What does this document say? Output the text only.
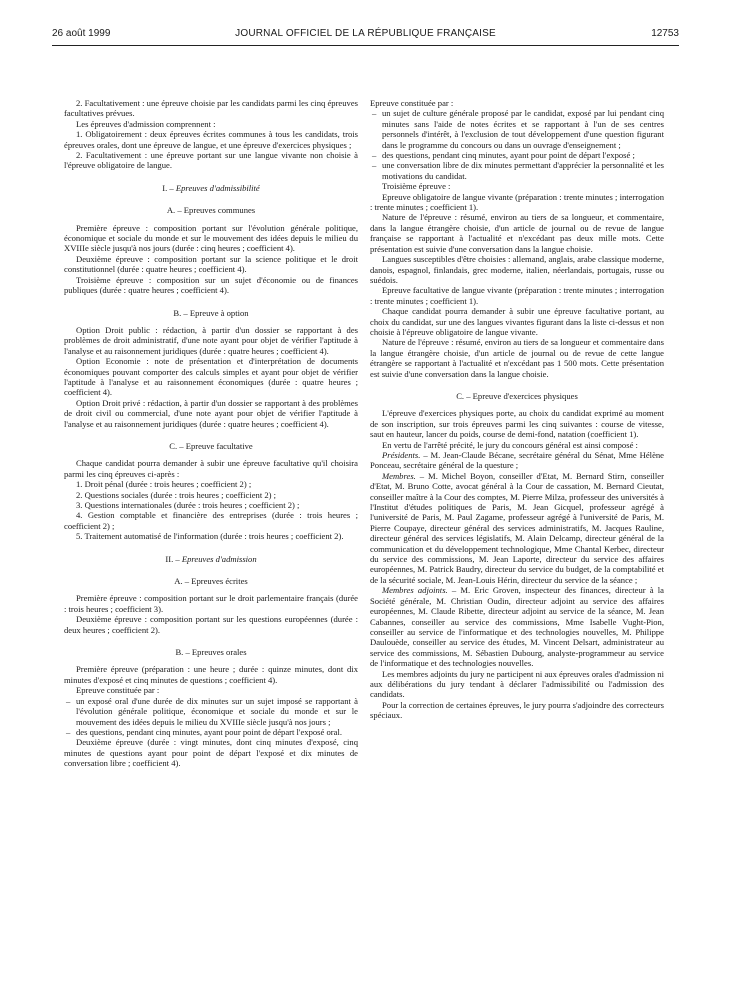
26 août 1999	JOURNAL OFFICIEL DE LA RÉPUBLIQUE FRANÇAISE	12753

2. Facultativement : une épreuve choisie par les candidats parmi les cinq épreuves facultatives prévues.

Les épreuves d'admission comprennent :

1. Obligatoirement : deux épreuves écrites communes à tous les candidats, trois épreuves orales, dont une épreuve de langue, et une épreuve d'exercices physiques ;

2. Facultativement : une épreuve portant sur une langue vivante non choisie à l'épreuve obligatoire de langue.

I. – Epreuves d'admissibilité
A. – Epreuves communes

Première épreuve : composition portant sur l'évolution générale politique, économique et sociale du monde et sur le mouvement des idées depuis le milieu du XVIIIe siècle jusqu'à nos jours (durée : cinq heures ; coefficient 4).

Deuxième épreuve : composition portant sur la science politique et le droit constitutionnel (durée : quatre heures ; coefficient 4).

Troisième épreuve : composition sur un sujet d'économie ou de finances publiques (durée : quatre heures ; coefficient 4).

B. – Epreuve à option

Option Droit public : rédaction, à partir d'un dossier se rapportant à des problèmes de droit administratif, d'une note ayant pour objet de vérifier l'aptitude à l'analyse et au raisonnement juridiques (durée : quatre heures ; coefficient 4).

Option Economie : note de présentation et d'interprétation de documents économiques pouvant comporter des calculs simples et ayant pour objet de vérifier l'aptitude à l'analyse et au raisonnement économiques (durée : quatre heures ; coefficient 4).

Option Droit privé : rédaction, à partir d'un dossier se rapportant à des problèmes de droit civil ou commercial, d'une note ayant pour objet de vérifier l'aptitude à l'analyse et au raisonnement juridiques (durée : quatre heures ; coefficient 4).

C. – Epreuve facultative

Chaque candidat pourra demander à subir une épreuve facultative qu'il choisira parmi les cinq épreuves ci-après :

1. Droit pénal (durée : trois heures ; coefficient 2) ;
2. Questions sociales (durée : trois heures ; coefficient 2) ;
3. Questions internationales (durée : trois heures ; coefficient 2) ;
4. Gestion comptable et financière des entreprises (durée : trois heures ; coefficient 2) ;
5. Traitement automatisé de l'information (durée : trois heures ; coefficient 2).
II. – Epreuves d'admission
A. – Epreuves écrites

Première épreuve : composition portant sur le droit parlementaire français (durée : trois heures ; coefficient 3).

Deuxième épreuve : composition portant sur les questions européennes (durée : deux heures ; coefficient 2).

B. – Epreuves orales

Première épreuve (préparation : une heure ; durée : quinze minutes, dont dix minutes d'exposé et cinq minutes de questions ; coefficient 4).

Epreuve constituée par :

– un exposé oral d'une durée de dix minutes sur un sujet imposé se rapportant à l'évolution générale politique, économique et sociale du monde et sur le mouvement des idées depuis le milieu du XVIIIe siècle jusqu'à nos jours ;
– des questions, pendant cinq minutes, ayant pour point de départ l'exposé oral.

Deuxième épreuve (durée : vingt minutes, dont cinq minutes d'exposé, cinq minutes de questions ayant pour point de départ l'exposé et dix minutes de conversation libre ; coefficient 4).

Epreuve constituée par :

– un sujet de culture générale proposé par le candidat, exposé par lui pendant cinq minutes sans l'aide de notes écrites et se rapportant à l'un de ses centres personnels d'intérêt, à l'exclusion de tout développement d'une question figurant dans le programme du concours ou dans un ouvrage d'enseignement ;
– des questions, pendant cinq minutes, ayant pour point de départ l'exposé ;
– une conversation libre de dix minutes permettant d'apprécier la personnalité et les motivations du candidat.

Troisième épreuve :

Epreuve obligatoire de langue vivante (préparation : trente minutes ; interrogation : trente minutes ; coefficient 1).

Nature de l'épreuve : résumé, environ au tiers de sa longueur, et commentaire, dans la langue étrangère choisie, d'un article de journal ou de revue de langue française se rapportant à l'actualité et n'excédant pas deux mille mots. Cette présentation est suivie d'une conversation dans la langue choisie.

Langues susceptibles d'être choisies : allemand, anglais, arabe classique moderne, danois, espagnol, finlandais, grec moderne, italien, néerlandais, portugais, russe ou suédois.

Epreuve facultative de langue vivante (préparation : trente minutes ; interrogation : trente minutes ; coefficient 1).

Chaque candidat pourra demander à subir une épreuve facultative portant, au choix du candidat, sur une des langues vivantes figurant dans la liste ci-dessus et non choisie à l'épreuve obligatoire de langue vivante.

Nature de l'épreuve : résumé, environ au tiers de sa longueur et commentaire dans la langue étrangère choisie, d'un article de journal ou de revue de cette langue étrangère se rapportant à l'actualité et n'excédant pas 1 500 mots. Cette présentation est suivie d'une conversation dans la langue choisie.

C. – Epreuve d'exercices physiques

L'épreuve d'exercices physiques porte, au choix du candidat exprimé au moment de son inscription, sur trois épreuves parmi les cinq suivantes : course de vitesse, saut en hauteur, lancer du poids, course de demi-fond, natation (coefficient 1).

En vertu de l'arrêté précité, le jury du concours général est ainsi composé :

Présidents. – M. Jean-Claude Bécane, secrétaire général du Sénat, Mme Hélène Ponceau, secrétaire général de la questure ;

Membres. – M. Michel Boyon, conseiller d'Etat, M. Bernard Stirn, conseiller d'Etat, M. Bruno Cotte, avocat général à la Cour de cassation, M. Bernard Cieutat, conseiller maître à la Cour des comptes, M. Pierre Milza, professeur des universités à l'Institut d'études politiques de Paris, M. Jean Gicquel, professeur agrégé à l'université de Paris, M. Paul Zagame, professeur agrégé à l'université de Paris, M. Pierre Coupaye, directeur général des services administratifs, M. Jacques Rauline, directeur général des services législatifs, M. Alain Delcamp, directeur général de la communication et du développement technologique, Mme Chantal Kerbec, directeur du service des commissions, M. Jean Laporte, directeur du service des affaires européennes, M. Patrick Baudry, directeur du service du budget, de la comptabilité et de la sécurité sociale, M. Jean-Louis Hérin, directeur du service de la séance ;

Membres adjoints. – M. Eric Groven, inspecteur des finances, directeur à la Société générale, M. Christian Oudin, directeur adjoint au service des affaires européennes, M. Claude Ribette, directeur adjoint au service de la séance, M. Jean Cabannes, conseiller au service des commissions, Mme Isabelle Vught-Pion, conseiller au service de l'informatique et des technologies nouvelles, M. Philippe Daulouède, conseiller au service des études, M. Vincent Delsart, administrateur au service des commissions, M. Sébastien Dubourg, analyste-programmeur au service de l'informatique et des technologies nouvelles.

Les membres adjoints du jury ne participent ni aux épreuves orales d'admission ni aux délibérations du jury tendant à déclarer l'admissibilité ou l'admission des candidats.

Pour la correction de certaines épreuves, le jury pourra s'adjoindre des correcteurs spéciaux.
